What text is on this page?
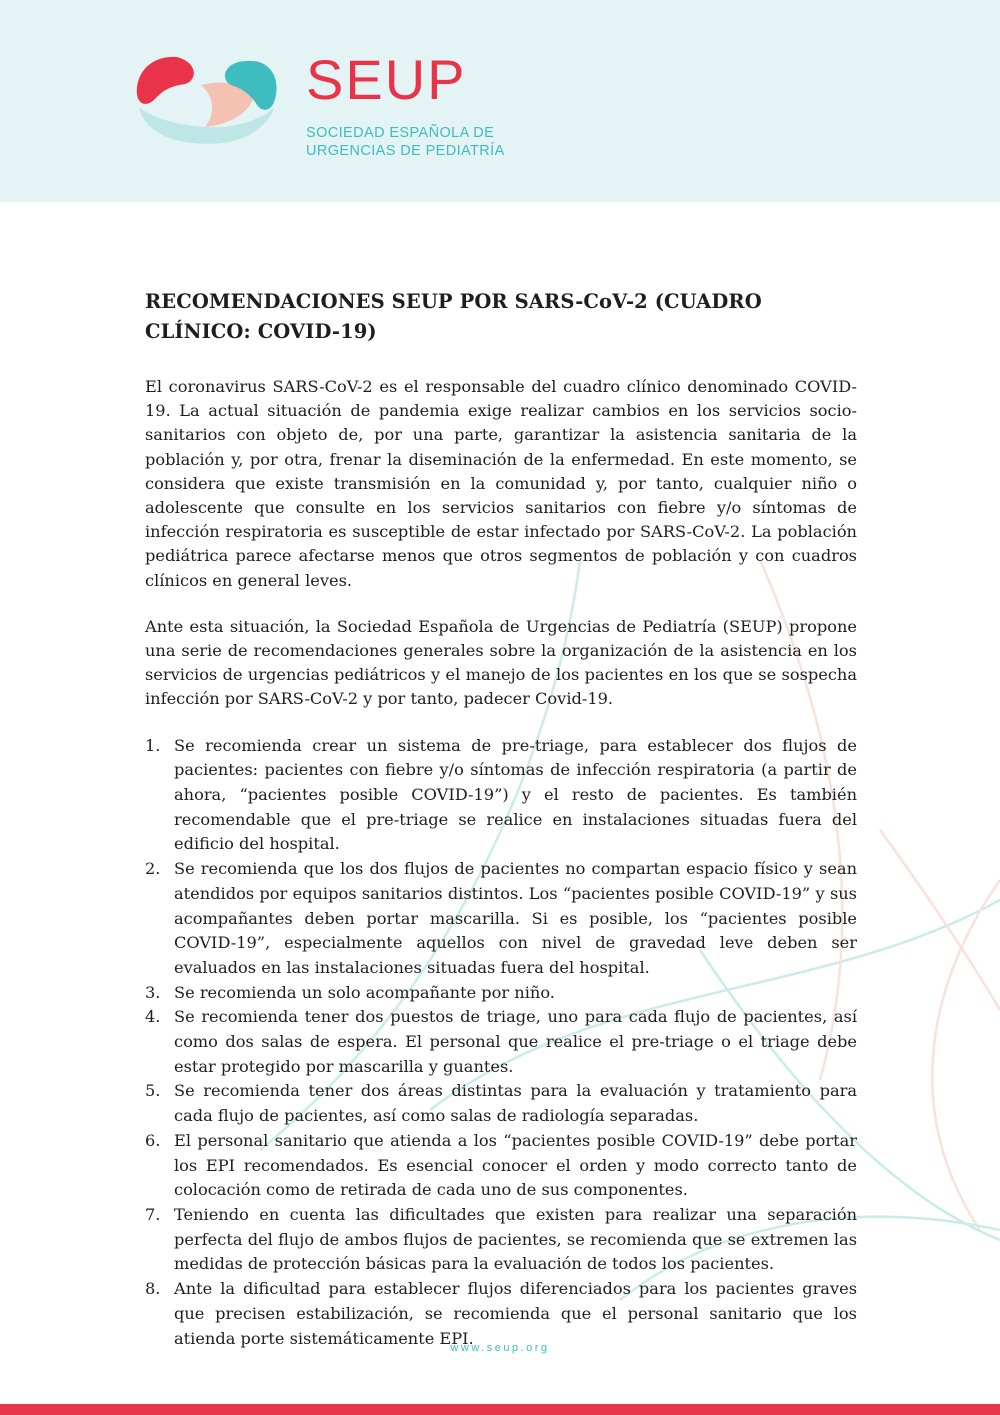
SEUP
SOCIEDAD ESPAÑOLA DE
URGENCIAS DE PEDIATRÍA
RECOMENDACIONES SEUP POR SARS-CoV-2 (CUADRO CLÍNICO: COVID-19)

El coronavirus SARS-CoV-2 es el responsable del cuadro clínico denominado COVID-19. La actual situación de pandemia exige realizar cambios en los servicios socio-sanitarios con objeto de, por una parte, garantizar la asistencia sanitaria de la población y, por otra, frenar la diseminación de la enfermedad. En este momento, se considera que existe transmisión en la comunidad y, por tanto, cualquier niño o adolescente que consulte en los servicios sanitarios con fiebre y/o síntomas de infección respiratoria es susceptible de estar infectado por SARS-CoV-2. La población pediátrica parece afectarse menos que otros segmentos de población y con cuadros clínicos en general leves.

Ante esta situación, la Sociedad Española de Urgencias de Pediatría (SEUP) propone una serie de recomendaciones generales sobre la organización de la asistencia en los servicios de urgencias pediátricos y el manejo de los pacientes en los que se sospecha infección por SARS-CoV-2 y por tanto, padecer Covid-19.

1. Se recomienda crear un sistema de pre-triage, para establecer dos flujos de pacientes: pacientes con fiebre y/o síntomas de infección respiratoria (a partir de ahora, “pacientes posible COVID-19”) y el resto de pacientes. Es también recomendable que el pre-triage se realice en instalaciones situadas fuera del edificio del hospital.
2. Se recomienda que los dos flujos de pacientes no compartan espacio físico y sean atendidos por equipos sanitarios distintos. Los “pacientes posible COVID-19” y sus acompañantes deben portar mascarilla. Si es posible, los “pacientes posible COVID-19”, especialmente aquellos con nivel de gravedad leve deben ser evaluados en las instalaciones situadas fuera del hospital.
3. Se recomienda un solo acompañante por niño.
4. Se recomienda tener dos puestos de triage, uno para cada flujo de pacientes, así como dos salas de espera. El personal que realice el pre-triage o el triage debe estar protegido por mascarilla y guantes.
5. Se recomienda tener dos áreas distintas para la evaluación y tratamiento para cada flujo de pacientes, así como salas de radiología separadas.
6. El personal sanitario que atienda a los “pacientes posible COVID-19” debe portar los EPI recomendados. Es esencial conocer el orden y modo correcto tanto de colocación como de retirada de cada uno de sus componentes.
7. Teniendo en cuenta las dificultades que existen para realizar una separación perfecta del flujo de ambos flujos de pacientes, se recomienda que se extremen las medidas de protección básicas para la evaluación de todos los pacientes.
8. Ante la dificultad para establecer flujos diferenciados para los pacientes graves que precisen estabilización, se recomienda que el personal sanitario que los atienda porte sistemáticamente EPI.
www.seup.org
